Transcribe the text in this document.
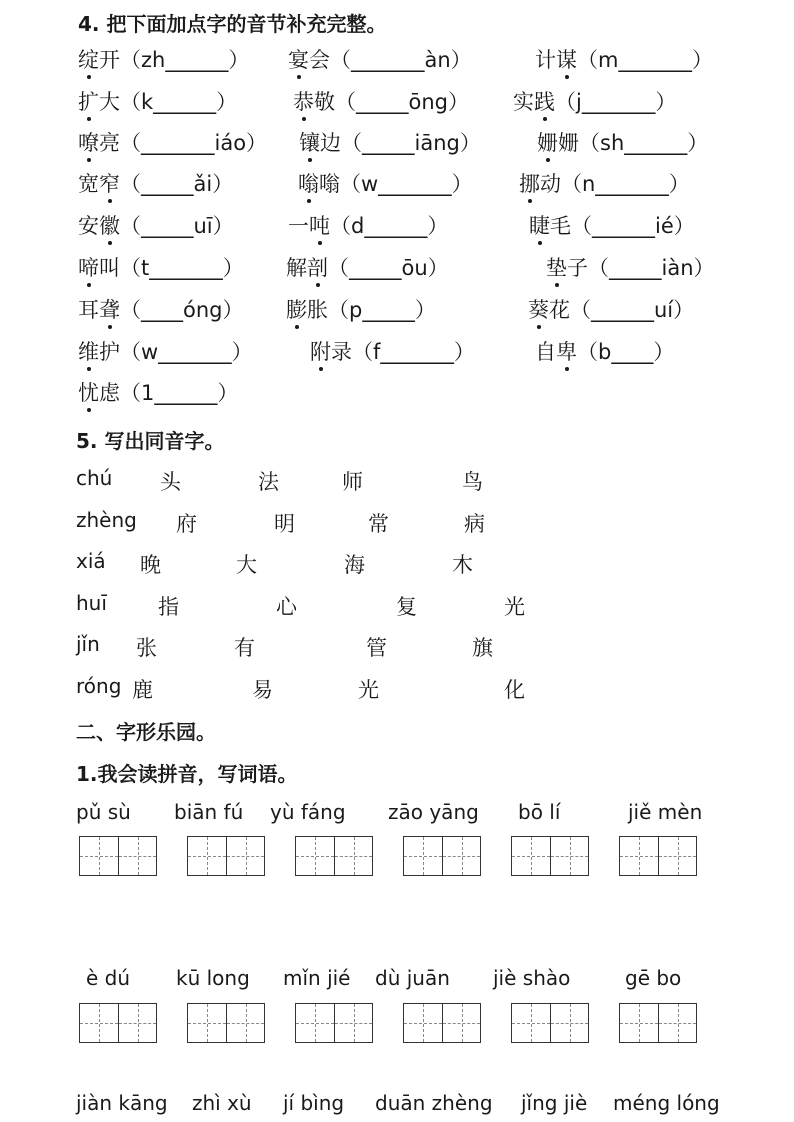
4. 把下面加点字的音节补充完整。
绽开（zh______） 宴会（_______àn）	计谋（m_______）
扩大（k______）	恭敬（_____ōng） 实践（j_______）
嘹亮（_______iáo） 镶边（_____iāng）	姗姗（sh______）
宽窄（_____ǎi）	嗡嗡（w_______） 挪动（n_______）
安徽（_____uī）	一吨（d______）	睫毛（______ié）
啼叫（t_______） 解剖（_____ōu）	垫子（_____iàn）
耳聋（____óng） 膨胀（p_____）	葵花（______uí）
维护（w_______）	附录（f_______）	自卑（b____）
忧虑（1______）
5. 写出同音字。
chú 头	法	师	鸟
zhèng 府	明	常	病
xiá 晚	大	海	木
huī 指	心	复	光
jǐn 张	有	管	旗
róng 鹿	易	光	化
二、字形乐园。
1.我会读拼音，写词语。
pǔ sù biān fú yù fáng zāo yāng bō lí	jiě mèn
è dú kū long mǐn jié dù juān jiè shào	gē bo
jiàn kāng zhì xù jí bìng duān zhèng jǐng jiè méng lóng
